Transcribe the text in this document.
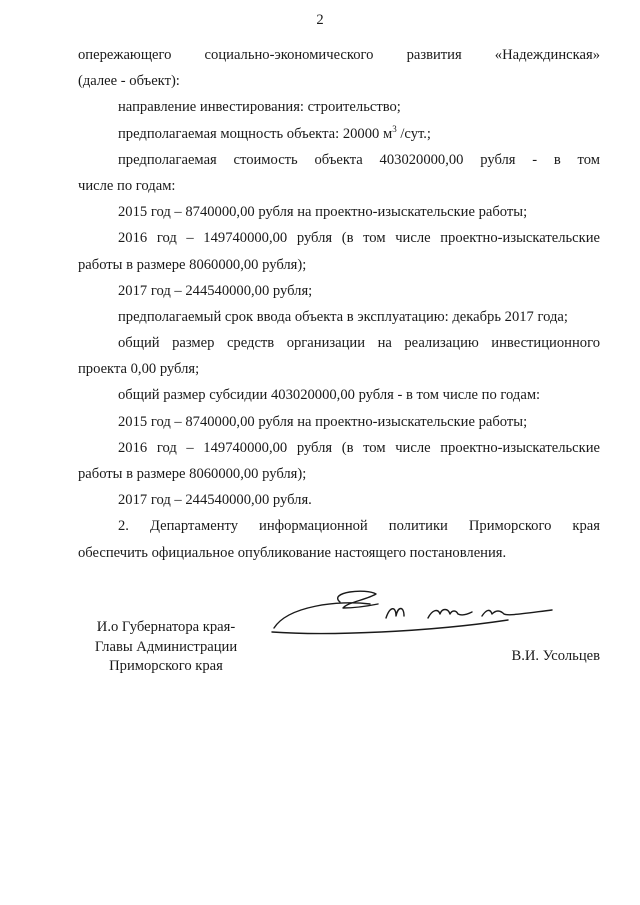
2
опережающего социально-экономического развития «Надеждинская»
(далее - объект):
направление инвестирования: строительство;
предполагаемая мощность объекта: 20000 $м^3$ /сут.;
предполагаемая стоимость объекта 403020000,00 рубля - в том
числе по годам:
2015 год – 8740000,00 рубля на проектно-изыскательские работы;
2016 год – 149740000,00 рубля (в том числе проектно-изыскательские
работы в размере 8060000,00 рубля);
2017 год – 244540000,00 рубля;
предполагаемый срок ввода объекта в эксплуатацию: декабрь 2017 года;
общий размер средств организации на реализацию инвестиционного
проекта 0,00 рубля;
общий размер субсидии 403020000,00 рубля - в том числе по годам:
2015 год – 8740000,00 рубля на проектно-изыскательские работы;
2016 год – 149740000,00 рубля (в том числе проектно-изыскательские
работы в размере 8060000,00 рубля);
2017 год – 244540000,00 рубля.
2. Департаменту информационной политики Приморского края
обеспечить официальное опубликование настоящего постановления.
И.о Губернатора края-
Главы Администрации
Приморского края
В.И. Усольцев
